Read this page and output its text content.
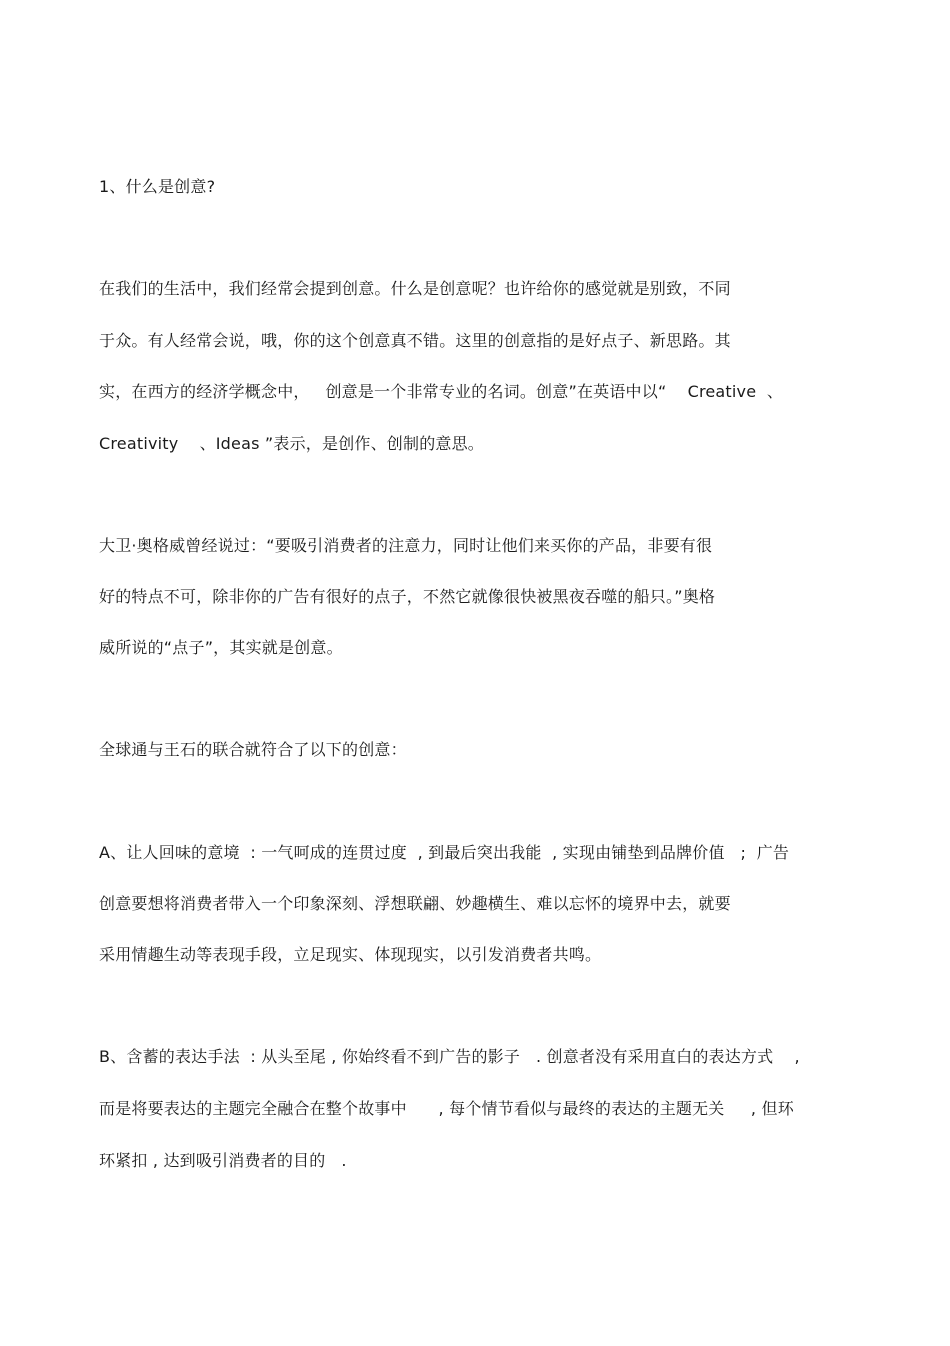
1、什么是创意?
在我们的生活中，我们经常会提到创意。什么是创意呢？也许给你的感觉就是别致，不同
于众。有人经常会说，哦，你的这个创意真不错。这里的创意指的是好点子、新思路。其
实，在西方的经济学概念中，   创意是一个非常专业的名词。创意”在英语中以“    Creative  、
Creativity    、Ideas ”表示，是创作、创制的意思。
大卫·奥格威曾经说过：“要吸引消费者的注意力，同时让他们来买你的产品，非要有很
好的特点不可，除非你的广告有很好的点子，不然它就像很快被黑夜吞噬的船只。”奥格
威所说的“点子”，其实就是创意。
全球通与王石的联合就符合了以下的创意：
A、让人回味的意境  : 一气呵成的连贯过度  , 到最后突出我能  , 实现由铺垫到品牌价值   ;  广告
创意要想将消费者带入一个印象深刻、浮想联翩、妙趣横生、难以忘怀的境界中去，就要
采用情趣生动等表现手段，立足现实、体现现实，以引发消费者共鸣。
B、含蓄的表达手法  : 从头至尾 , 你始终看不到广告的影子   . 创意者没有采用直白的表达方式    ,
而是将要表达的主题完全融合在整个故事中      , 每个情节看似与最终的表达的主题无关     , 但环
环紧扣 , 达到吸引消费者的目的   .
